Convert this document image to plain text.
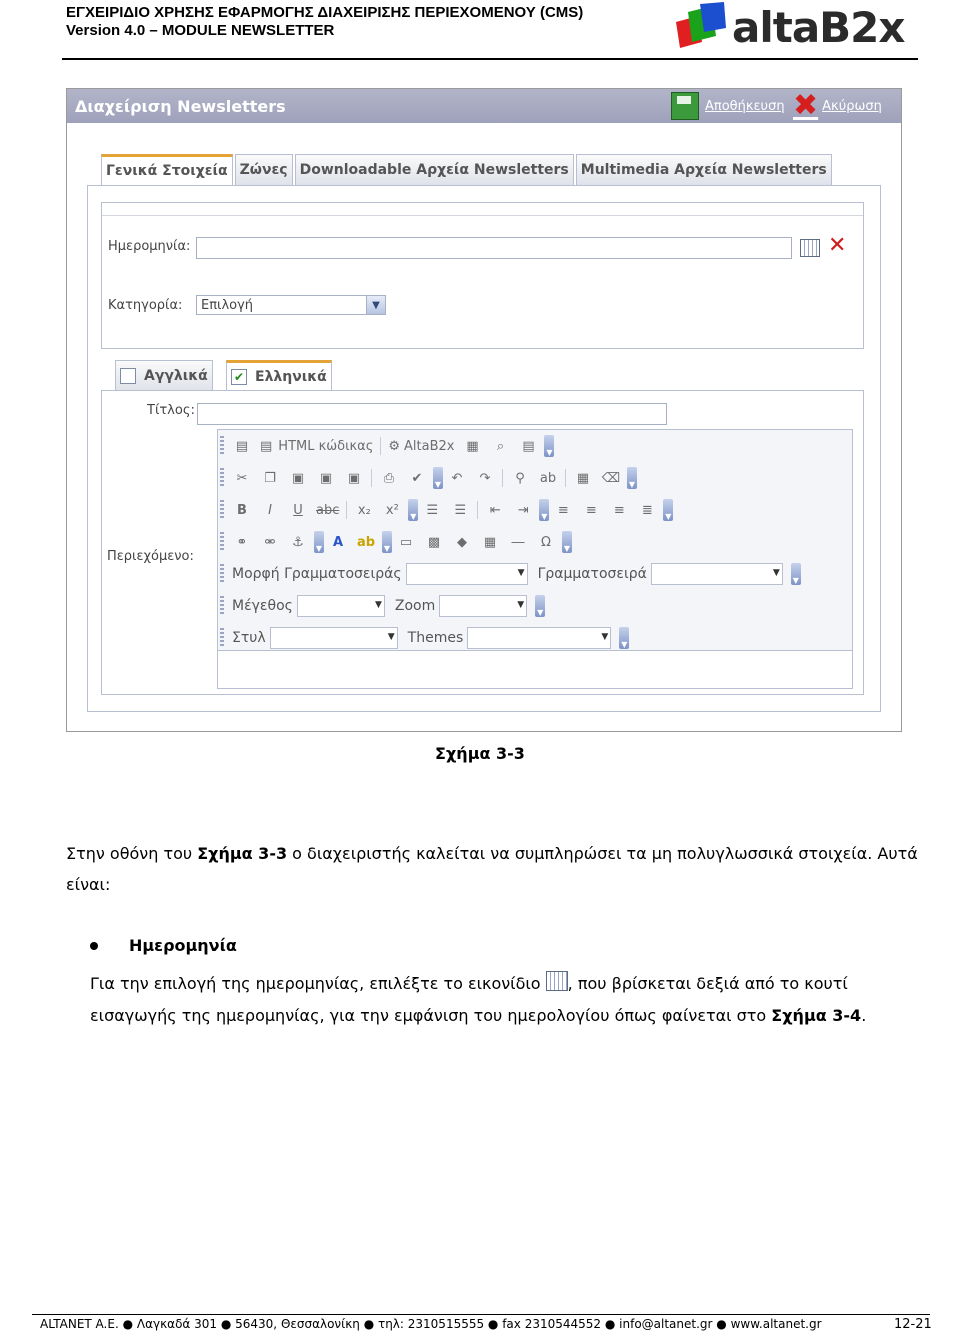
ΕΓΧΕΙΡΙΔΙΟ ΧΡΗΣΗΣ ΕΦΑΡΜΟΓΗΣ ΔΙΑΧΕΙΡΙΣΗΣ ΠΕΡΙΕΧΟΜΕΝΟΥ (CMS)
Version 4.0 – MODULE NEWSLETTER	altaB2x
Διαχείριση Newsletters	Αποθήκευση ✖ Ακύρωση
Γενικά Στοιχεία Ζώνες Downloadable Αρχεία Newsletters Multimedia Αρχεία Newsletters
Ημερομηνία:	✕
Κατηγορία: Επιλογή	▼
Αγγλικά ✔ Ελληνικά
Τίτλος:
Περιεχόμενο:
▤ ▤ HTML κώδικας	⚙ AltaB2x ▦	⌕	▤	▼
✂	❐	▣	▣	▣	⎙	✔	▼ ↶	↷	⚲	ab	▦ ⌫	▼
B	I	U	abc	x₂	x²	▼ ☰	☰	⇤	⇥	▼ ≡	≡	≡	≣	▼
⚭	⚮	⚓	▼ A	ab	▼ ▭	▩	◆	▦	―	Ω	▼
Μορφή Γραμματοσειράς	▼ Γραμματοσειρά	▼
▼
Μέγεθος	▼ Zoom	▼
▼
Στυλ	▼ Themes	▼
▼
Σχήμα 3-3
Στην οθόνη του Σχήμα 3-3 ο διαχειριστής καλείται να συμπληρώσει τα μη πολυγλωσσικά στοιχεία. Αυτά είναι:
Ημερομηνία
Για την επιλογή της ημερομηνίας, επιλέξτε το εικονίδιο , που βρίσκεται δεξιά από το κουτί εισαγωγής της ημερομηνίας, για την εμφάνιση του ημερολογίου όπως φαίνεται στο Σχήμα 3-4.
ALTANET A.E. ● Λαγκαδά 301 ● 56430, Θεσσαλονίκη ● τηλ: 2310515555 ● fax 2310544552 ● info@altanet.gr ● www.altanet.gr	12-21
